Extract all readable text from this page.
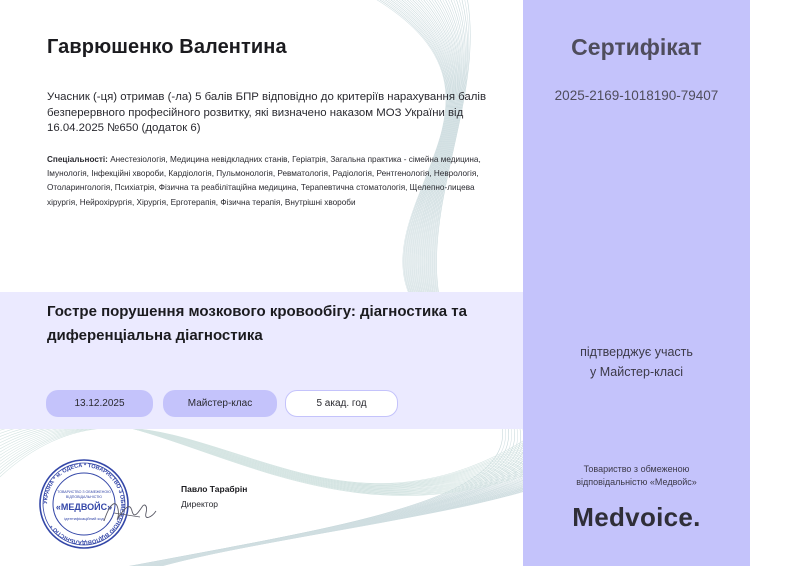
Гаврюшенко Валентина
Учасник (-ця) отримав (-ла) 5 балів БПР відповідно до критеріїв нарахування балів безперервного професійного розвитку, які визначено наказом МОЗ України від 16.04.2025 №650 (додаток 6)
Спеціальності: Анестезіологія, Медицина невідкладних станів, Геріатрія, Загальна практика - сімейна медицина, Імунологія, Інфекційні хвороби, Кардіологія, Пульмонологія, Ревматологія, Радіологія, Рентгенологія, Неврологія, Отоларингологія, Психіатрія, Фізична та реабілітаційна медицина, Терапевтична стоматологія, Щелепно-лицева хірургія, Нейрохірургія, Хірургія, Ерготерапія, Фізична терапія, Внутрішні хвороби
Гостре порушення мозкового кровообігу: діагностика та диференціальна діагностика
13.12.2025	Майстер-клас	5 акад. год
Сертифікат
2025-2169-1018190-79407
підтверджує участь
у Майстер-класі
Товариство з обмеженою
відповідальністю «Медвойс»
Medvoice.
УКРАЇНА * м. ОДЕСА * ТОВАРИСТВО З ОБМЕЖЕНОЮ ВІДПОВІДАЛЬНІСТЮ *
ТОВАРИСТВО З ОБМЕЖЕНОЮ
ВІДПОВІДАЛЬНІСТЮ
«МЕДВОЙС»
ідентифікаційний код
Павло Тарабрін
Директор
